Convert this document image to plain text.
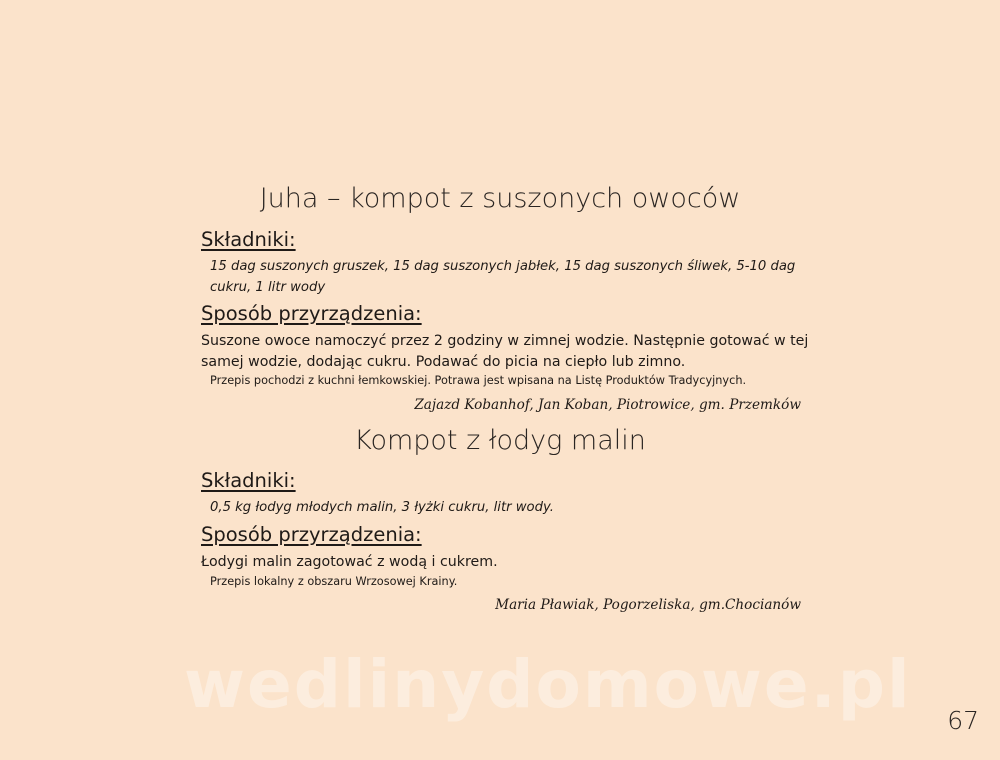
Juha – kompot z suszonych owoców
Składniki:
15 dag suszonych gruszek, 15 dag suszonych jabłek, 15 dag suszonych śliwek, 5-10 dag
cukru, 1 litr wody
Sposób przyrządzenia:
Suszone owoce namoczyć przez 2 godziny w zimnej wodzie. Następnie gotować w tej
samej wodzie, dodając cukru. Podawać do picia na ciepło lub zimno.
Przepis pochodzi z kuchni łemkowskiej. Potrawa jest wpisana na Listę Produktów Tradycyjnych.
Zajazd Kobanhof, Jan Koban, Piotrowice, gm. Przemków
Kompot z łodyg malin
Składniki:
0,5 kg łodyg młodych malin, 3 łyżki cukru, litr wody.
Sposób przyrządzenia:
Łodygi malin zagotować z wodą i cukrem.
Przepis lokalny z obszaru Wrzosowej Krainy.
Maria Pławiak, Pogorzeliska, gm.Chocianów
wedlinydomowe.pl 67
